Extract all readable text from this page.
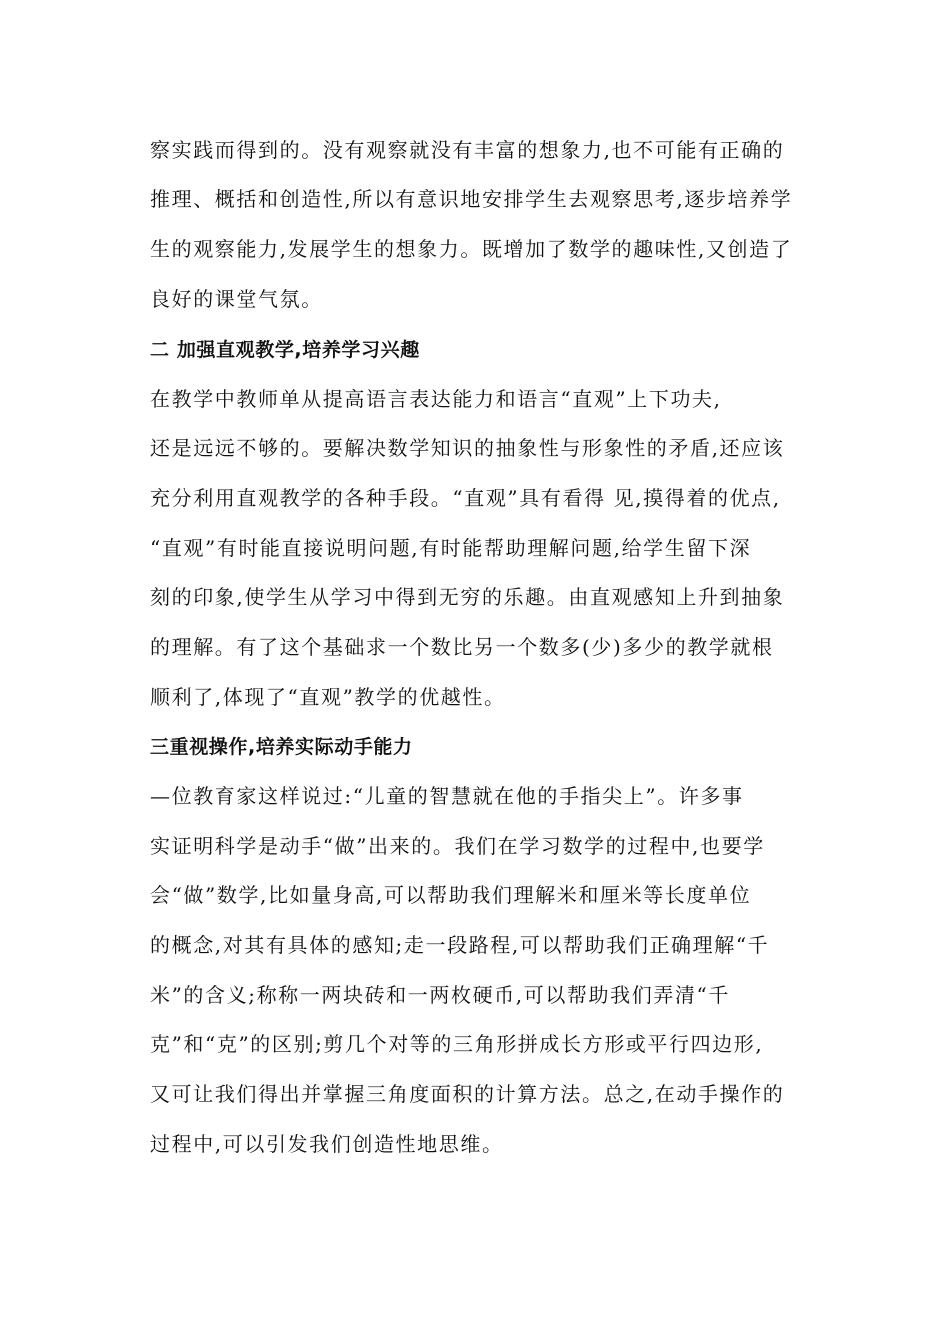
察实践而得到的。没有观察就没有丰富的想象力,也不可能有正确的
推理、概括和创造性,所以有意识地安排学生去观察思考,逐步培养学
生的观察能力,发展学生的想象力。既增加了数学的趣味性,又创造了
良好的课堂气氛。
二 加强直观教学,培养学习兴趣
在教学中教师单从提高语言表达能力和语言“直观”上下功夫,
还是远远不够的。要解决数学知识的抽象性与形象性的矛盾,还应该
充分利用直观教学的各种手段。“直观”具有看得 见,摸得着的优点,
“直观”有时能直接说明问题,有时能帮助理解问题,给学生留下深
刻的印象,使学生从学习中得到无穷的乐趣。由直观感知上升到抽象
的理解。有了这个基础求一个数比另一个数多(少)多少的教学就根
顺利了,体现了“直观”教学的优越性。
三重视操作,培养实际动手能力
—位教育家这样说过:“儿童的智慧就在他的手指尖上”。许多事
实证明科学是动手“做”出来的。我们在学习数学的过程中,也要学
会“做”数学,比如量身高,可以帮助我们理解米和厘米等长度单位
的概念,对其有具体的感知;走一段路程,可以帮助我们正确理解“千
米”的含义;称称一两块砖和一两枚硬币,可以帮助我们弄清“千
克”和“克”的区别;剪几个对等的三角形拼成长方形或平行四边形,
又可让我们得出并掌握三角度面积的计算方法。总之,在动手操作的
过程中,可以引发我们创造性地思维。
